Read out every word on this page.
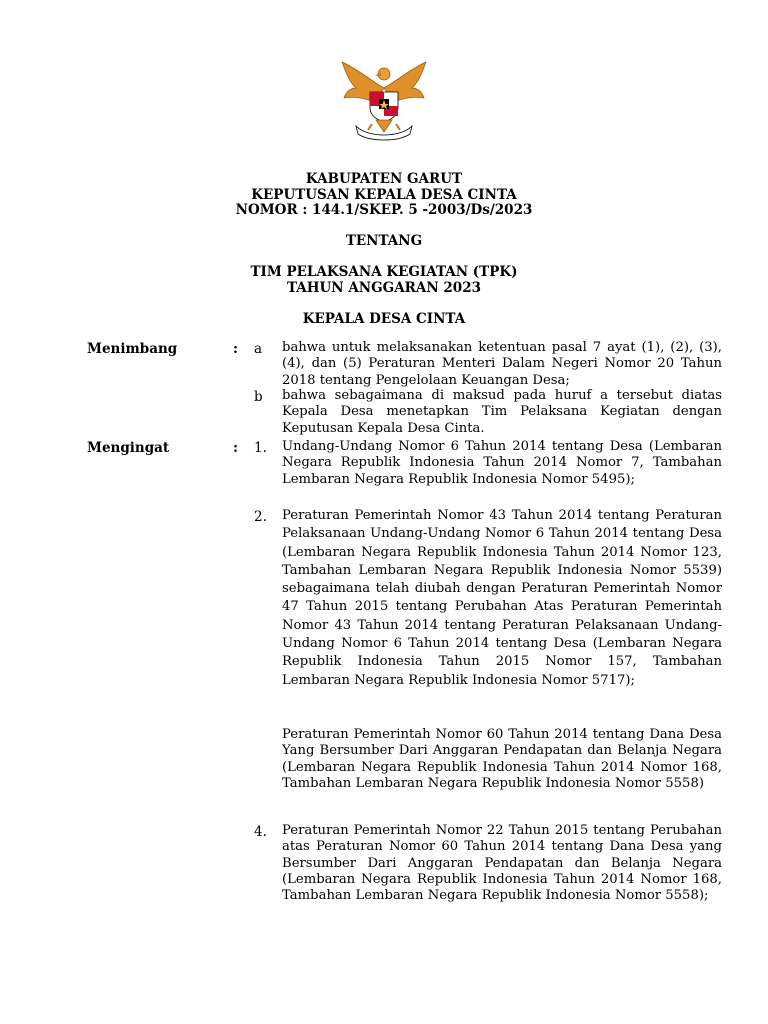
KABUPATEN GARUT
KEPUTUSAN KEPALA DESA CINTA
NOMOR : 144.1/SKEP. 5 -2003/Ds/2023
TENTANG
TIM PELAKSANA KEGIATAN (TPK)
TAHUN ANGGARAN 2023
KEPALA DESA CINTA
Menimbang	: a bahwa untuk melaksanakan ketentuan pasal 7 ayat (1), (2), (3), (4), dan (5) Peraturan Menteri Dalam Negeri Nomor 20 Tahun 2018 tentang Pengelolaan Keuangan Desa;

b bahwa sebagaimana di maksud pada huruf a tersebut diatas Kepala Desa menetapkan Tim Pelaksana Kegiatan dengan Keputusan Kepala Desa Cinta.

Mengingat	: 1. Undang-Undang Nomor 6 Tahun 2014 tentang Desa (Lembaran Negara Republik Indonesia Tahun 2014 Nomor 7, Tambahan Lembaran Negara Republik Indonesia Nomor 5495);

2. Peraturan Pemerintah Nomor 43 Tahun 2014 tentang Peraturan Pelaksanaan Undang-Undang Nomor 6 Tahun 2014 tentang Desa (Lembaran Negara Republik Indonesia Tahun 2014 Nomor 123, Tambahan Lembaran Negara Republik Indonesia Nomor 5539) sebagaimana telah diubah dengan Peraturan Pemerintah Nomor 47 Tahun 2015 tentang Perubahan Atas Peraturan Pemerintah Nomor 43 Tahun 2014 tentang Peraturan Pelaksanaan Undang-Undang Nomor 6 Tahun 2014 tentang Desa (Lembaran Negara Republik Indonesia Tahun 2015 Nomor 157, Tambahan Lembaran Negara Republik Indonesia Nomor 5717);

Peraturan Pemerintah Nomor 60 Tahun 2014 tentang Dana Desa Yang Bersumber Dari Anggaran Pendapatan dan Belanja Negara (Lembaran Negara Republik Indonesia Tahun 2014 Nomor 168, Tambahan Lembaran Negara Republik Indonesia Nomor 5558)

4. Peraturan Pemerintah Nomor 22 Tahun 2015 tentang Perubahan atas Peraturan Nomor 60 Tahun 2014 tentang Dana Desa yang Bersumber Dari Anggaran Pendapatan dan Belanja Negara (Lembaran Negara Republik Indonesia Tahun 2014 Nomor 168, Tambahan Lembaran Negara Republik Indonesia Nomor 5558);
